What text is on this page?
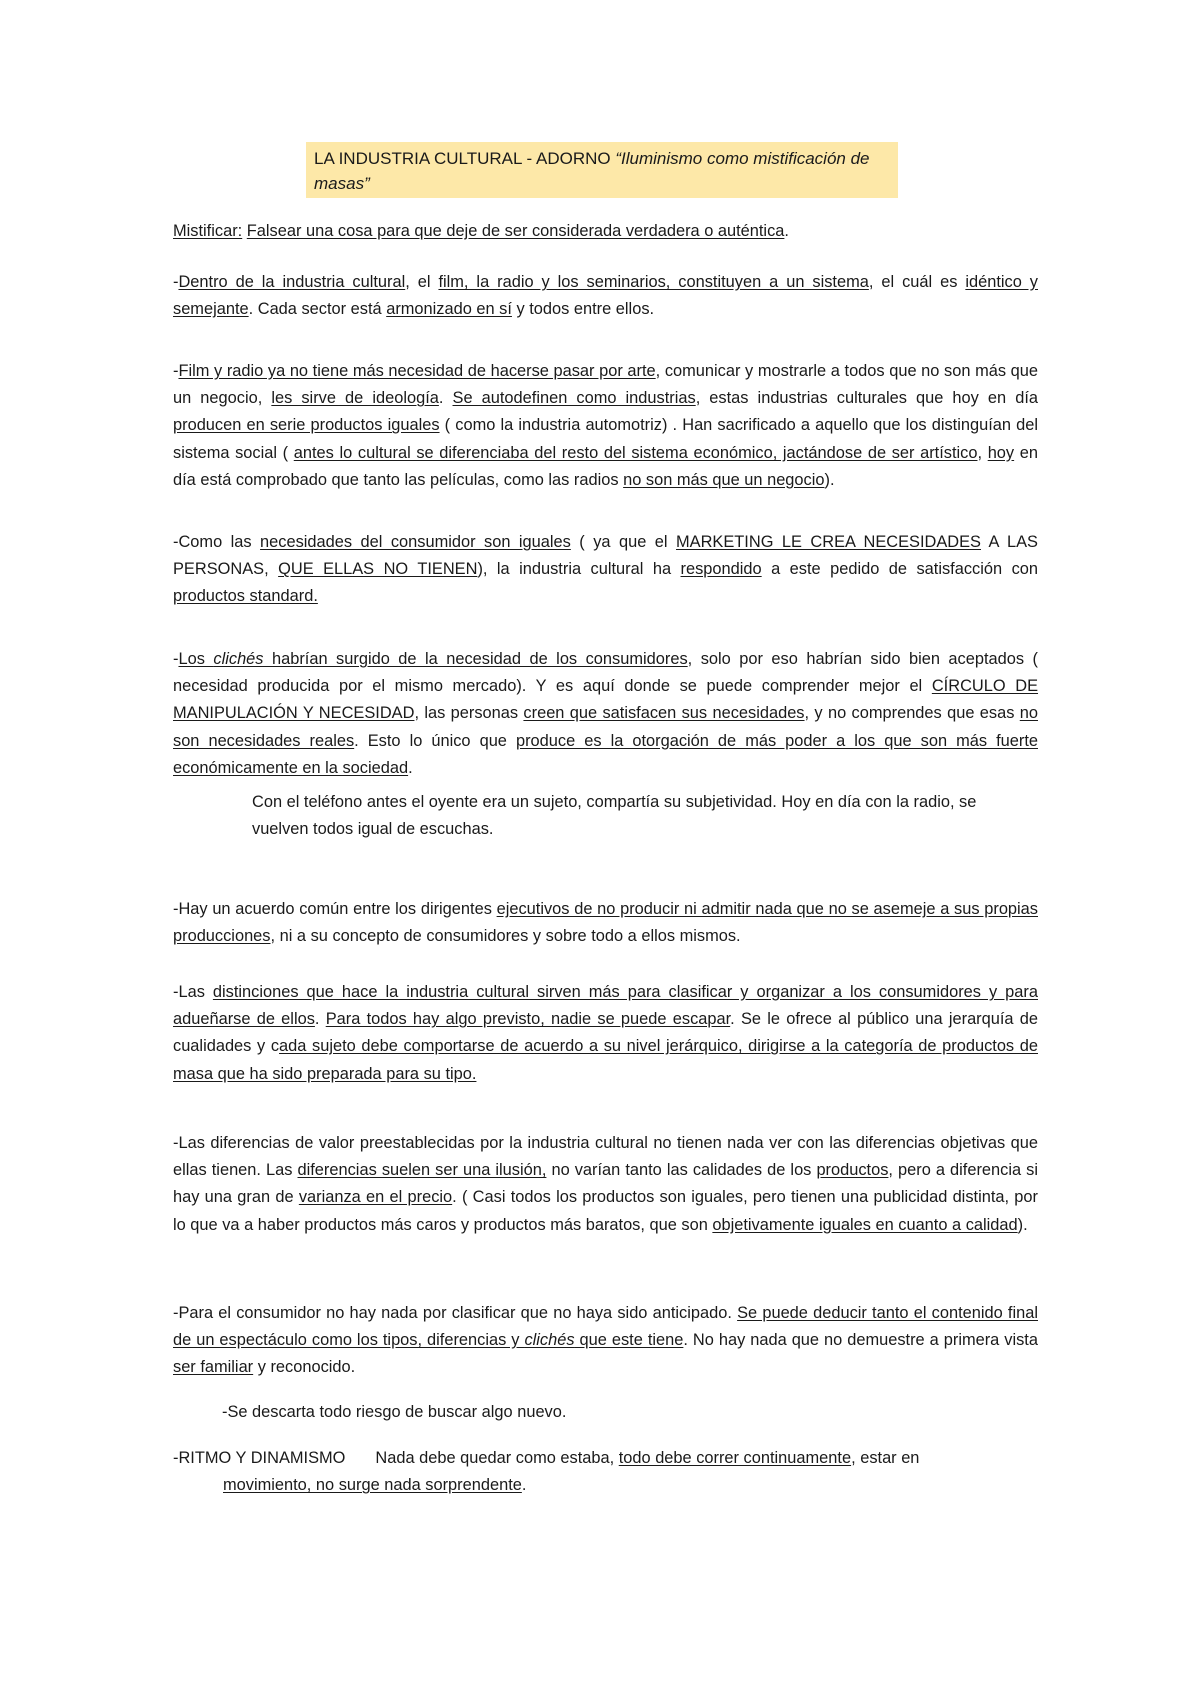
LA INDUSTRIA CULTURAL - ADORNO “Iluminismo como mistificación de masas”
Mistificar: Falsear una cosa para que deje de ser considerada verdadera o auténtica.
-Dentro de la industria cultural, el film, la radio y los seminarios, constituyen a un sistema, el cuál es idéntico y semejante. Cada sector está armonizado en sí y todos entre ellos.
-Film y radio ya no tiene más necesidad de hacerse pasar por arte, comunicar y mostrarle a todos que no son más que un negocio, les sirve de ideología. Se autodefinen como industrias, estas industrias culturales que hoy en día producen en serie productos iguales ( como la industria automotriz) . Han sacrificado a aquello que los distinguían del sistema social ( antes lo cultural se diferenciaba del resto del sistema económico, jactándose de ser artístico, hoy en día está comprobado que tanto las películas, como las radios no son más que un negocio).
-Como las necesidades del consumidor son iguales ( ya que el MARKETING LE CREA NECESIDADES A LAS PERSONAS, QUE ELLAS NO TIENEN), la industria cultural ha respondido a este pedido de satisfacción con productos standard.
-Los clichés habrían surgido de la necesidad de los consumidores, solo por eso habrían sido bien aceptados ( necesidad producida por el mismo mercado). Y es aquí donde se puede comprender mejor el CÍRCULO DE MANIPULACIÓN Y NECESIDAD, las personas creen que satisfacen sus necesidades, y no comprendes que esas no son necesidades reales. Esto lo único que produce es la otorgación de más poder a los que son más fuerte económicamente en la sociedad.
Con el teléfono antes el oyente era un sujeto, compartía su subjetividad. Hoy en día con la radio, se vuelven todos igual de escuchas.
-Hay un acuerdo común entre los dirigentes ejecutivos de no producir ni admitir nada que no se asemeje a sus propias producciones, ni a su concepto de consumidores y sobre todo a ellos mismos.
-Las distinciones que hace la industria cultural sirven más para clasificar y organizar a los consumidores y para adueñarse de ellos. Para todos hay algo previsto, nadie se puede escapar. Se le ofrece al público una jerarquía de cualidades y cada sujeto debe comportarse de acuerdo a su nivel jerárquico, dirigirse a la categoría de productos de masa que ha sido preparada para su tipo.
-Las diferencias de valor preestablecidas por la industria cultural no tienen nada ver con las diferencias objetivas que ellas tienen. Las diferencias suelen ser una ilusión, no varían tanto las calidades de los productos, pero a diferencia si hay una gran de varianza en el precio. ( Casi todos los productos son iguales, pero tienen una publicidad distinta, por lo que va a haber productos más caros y productos más baratos, que son objetivamente iguales en cuanto a calidad).
-Para el consumidor no hay nada por clasificar que no haya sido anticipado. Se puede deducir tanto el contenido final de un espectáculo como los tipos, diferencias y clichés que este tiene. No hay nada que no demuestre a primera vista ser familiar y reconocido.
-Se descarta todo riesgo de buscar algo nuevo.
-RITMO Y DINAMISMO Nada debe quedar como estaba, todo debe correr continuamente, estar en
movimiento, no surge nada sorprendente.
